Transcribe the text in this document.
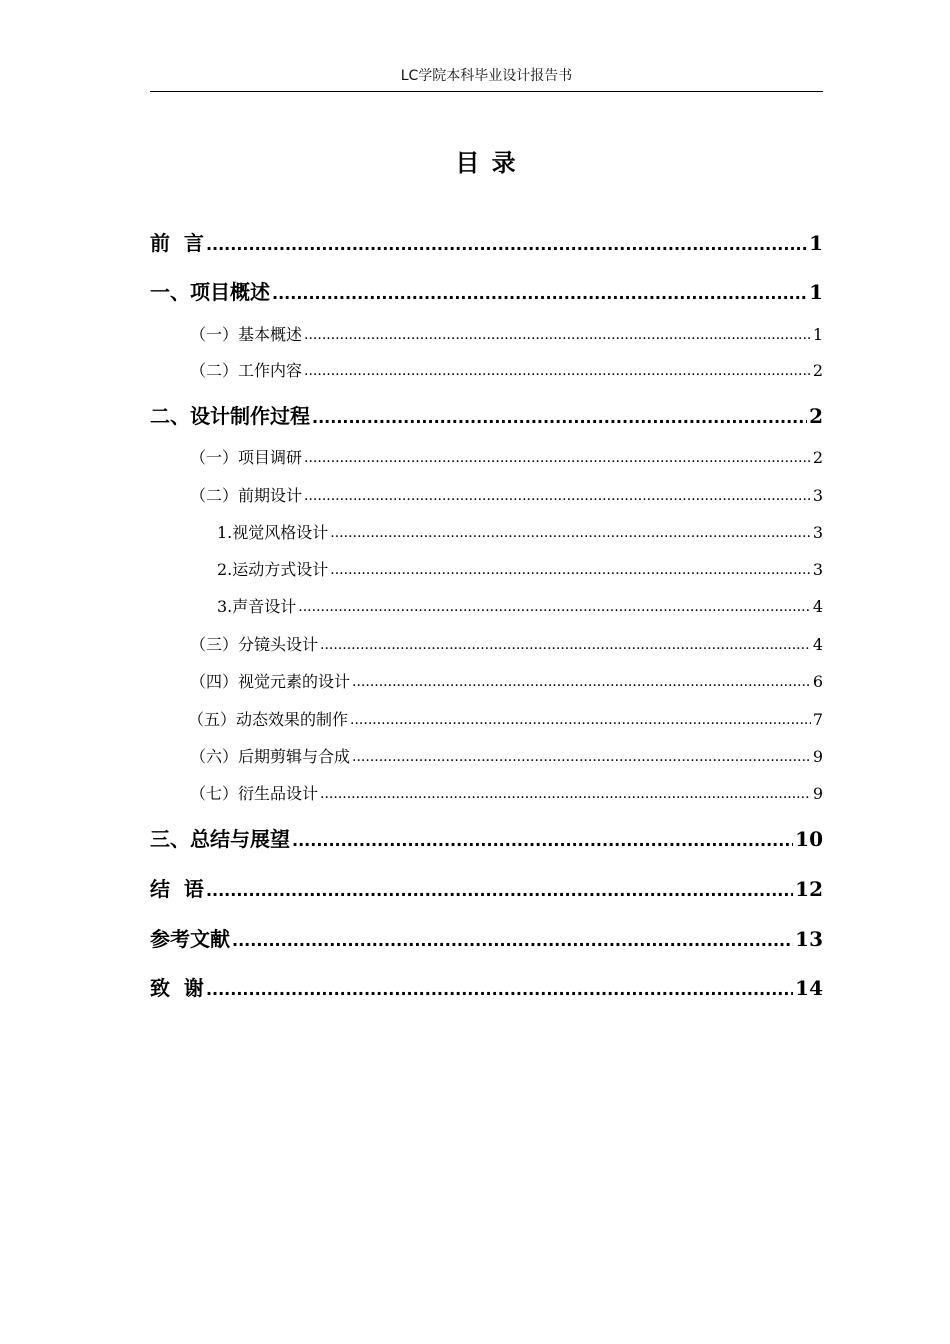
LC学院本科毕业设计报告书
目 录
前  言 .....	1
一、项目概述 .....	1
（一）基本概述 .....	1
（二）工作内容 .....	2
二、设计制作过程 .....	2
（一）项目调研 .....	2
（二）前期设计 .....	3
1.视觉风格设计 .....	3
2.运动方式设计 .....	3
3.声音设计 .....	4
（三）分镜头设计 .....	4
（四）视觉元素的设计 .....	6
（五）动态效果的制作 .....	7
（六）后期剪辑与合成 .....	9
（七）衍生品设计 .....	9
三、总结与展望 .....	10
结  语 .....	12
参考文献 .....	13
致  谢 .....	14
